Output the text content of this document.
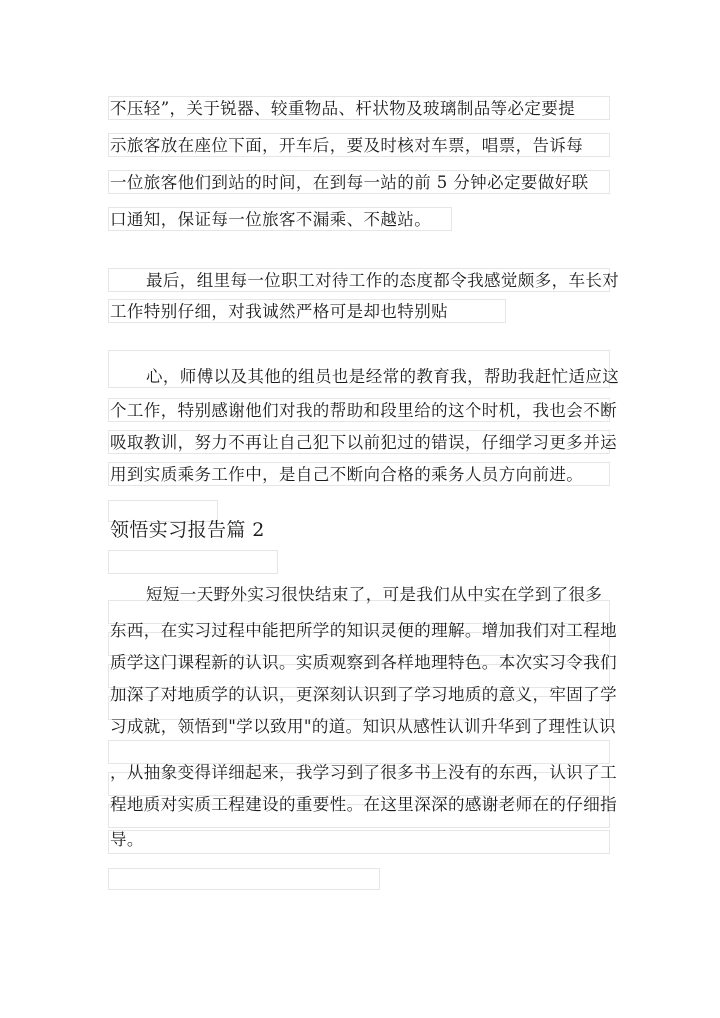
不压轻”，关于锐器、较重物品、杆状物及玻璃制品等必定要提
示旅客放在座位下面，开车后，要及时核对车票，唱票，告诉每
一位旅客他们到站的时间，在到每一站的前 5 分钟必定要做好联
口通知，保证每一位旅客不漏乘、不越站。
最后，组里每一位职工对待工作的态度都令我感觉颇多，车长对
工作特别仔细，对我诚然严格可是却也特别贴
心，师傅以及其他的组员也是经常的教育我，帮助我赶忙适应这
个工作，特别感谢他们对我的帮助和段里给的这个时机，我也会不断
吸取教训，努力不再让自己犯下以前犯过的错误，仔细学习更多并运
用到实质乘务工作中，是自己不断向合格的乘务人员方向前进。
领悟实习报告篇 2
短短一天野外实习很快结束了，可是我们从中实在学到了很多
东西，在实习过程中能把所学的知识灵便的理解。增加我们对工程地
质学这门课程新的认识。实质观察到各样地理特色。本次实习令我们
加深了对地质学的认识，更深刻认识到了学习地质的意义，牢固了学
习成就，领悟到"学以致用"的道。知识从感性认训升华到了理性认识
，从抽象变得详细起来，我学习到了很多书上没有的东西，认识了工
程地质对实质工程建设的重要性。在这里深深的感谢老师在的仔细指
导。
